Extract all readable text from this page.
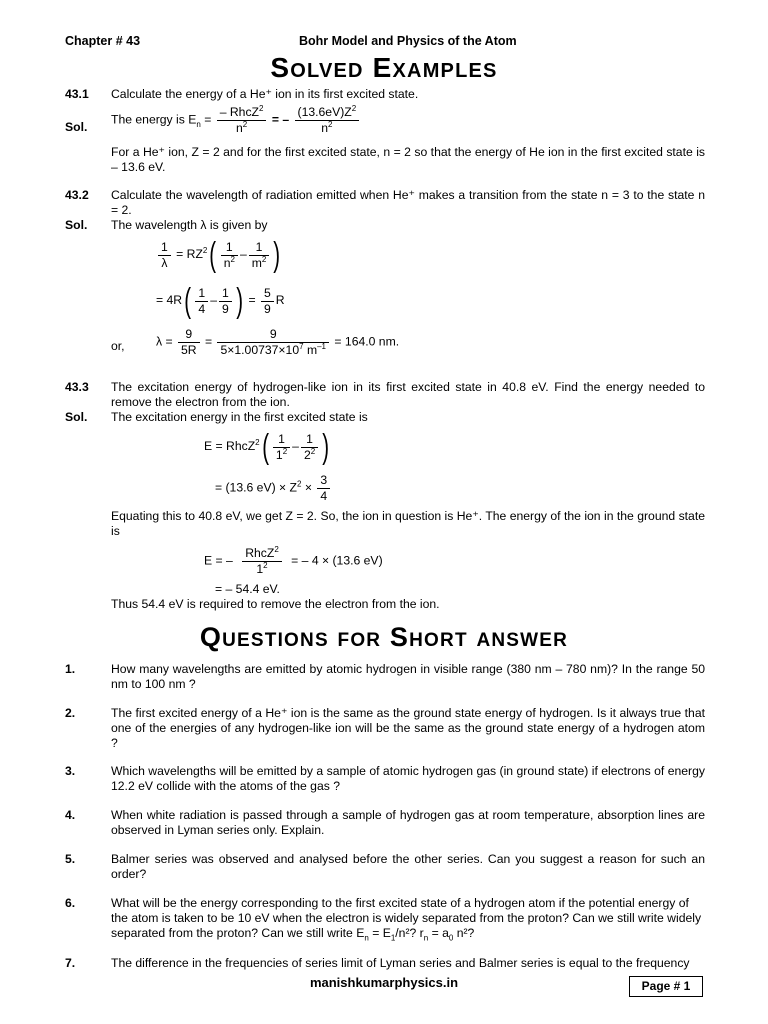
Chapter # 43	Bohr Model and Physics of the Atom
Solved Examples
43.1 Calculate the energy of a He⁺ ion in its first excited state.
Sol.
The energy is $E_n = \frac{- RhcZ^2}{n^2}$ = – $\frac{(13.6eV)Z^2}{n^2}$
For a He⁺ ion, Z = 2 and for the first excited state, n = 2 so that the energy of He ion in the first excited state is – 13.6 eV.
43.2 Calculate the wavelength of radiation emitted when He⁺ makes a transition from the state n = 3 to the state n = 2.
Sol. The wavelength λ is given by
$\frac{1}{\lambda} = RZ^2( \frac{1}{n^2} - \frac{1}{m^2}$ )
= $4R( \frac{1}{4} - \frac{1}{9}$ ) = $\frac{5}{9}$ R
or,	$\lambda = \frac{9}{5R} = \frac{9}{5\times 1.00737\times 10^7 m^{-1}} = 164.0$ nm.
43.3 The excitation energy of hydrogen-like ion in its first excited state in 40.8 eV. Find the energy needed to remove the electron from the ion.
Sol. The excitation energy in the first excited state is
E = RhcZ$^2$( $\frac{1}{1^2} - \frac{1}{2^2}$ )
= (13.6 $eV) \times Z^2 \times \frac{3}{4}$
Equating this to 40.8 eV, we get Z = 2. So, the ion in question is He⁺. The energy of the ion in the ground state is
E = – $\frac{RhcZ^2}{1^2}$ = – 4 × (13.6 eV)
= – 54.4 eV.
Thus 54.4 eV is required to remove the electron from the ion.
Questions for Short answer
1.	How many wavelengths are emitted by atomic hydrogen in visible range (380 nm – 780 nm)? In the range 50 nm to 100 nm ?
2.	The first excited energy of a He⁺ ion is the same as the ground state energy of hydrogen. Is it always true that one of the energies of any hydrogen-like ion will be the same as the ground state energy of a hydrogen atom ?
3.	Which wavelengths will be emitted by a sample of atomic hydrogen gas (in ground state) if electrons of energy 12.2 eV collide with the atoms of the gas ?
4.	When white radiation is passed through a sample of hydrogen gas at room temperature, absorption lines are observed in Lyman series only. Explain.
5.	Balmer series was observed and analysed before the other series. Can you suggest a reason for such an order?
6.	What will be the energy corresponding to the first excited state of a hydrogen atom if the potential energy of the atom is taken to be 10 eV when the electron is widely separated from the proton? Can we still write widely separated from the proton? Can we still write $E_n = E_1/n^2$? $r_n = a_0$ n²?
7.	The difference in the frequencies of series limit of Lyman series and Balmer series is equal to the frequency
manishkumarphysics.in	Page # 1
